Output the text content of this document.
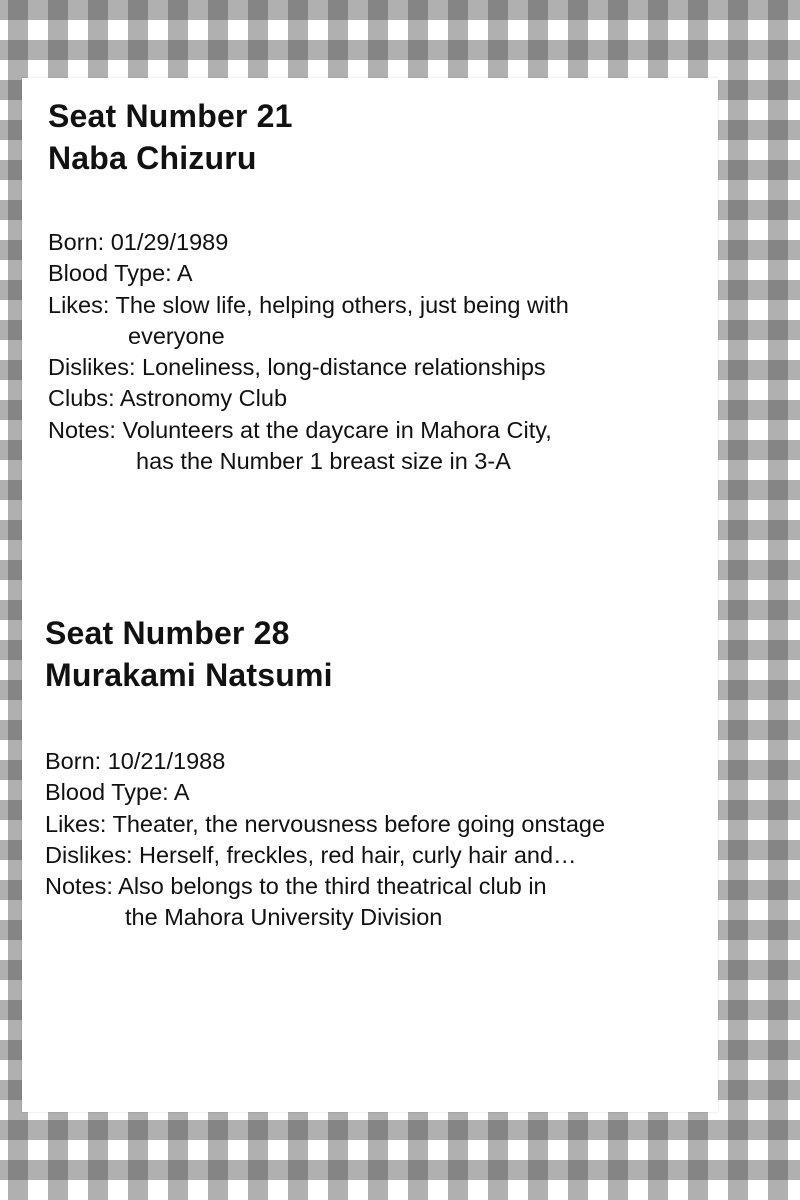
Seat Number 21
Naba Chizuru
Born: 01/29/1989
Blood Type: A
Likes: The slow life, helping others, just being with
everyone
Dislikes: Loneliness, long-distance relationships
Clubs: Astronomy Club
Notes: Volunteers at the daycare in Mahora City,
has the Number 1 breast size in 3-A
Seat Number 28
Murakami Natsumi
Born: 10/21/1988
Blood Type: A
Likes: Theater, the nervousness before going onstage
Dislikes: Herself, freckles, red hair, curly hair and…
Notes: Also belongs to the third theatrical club in
the Mahora University Division
